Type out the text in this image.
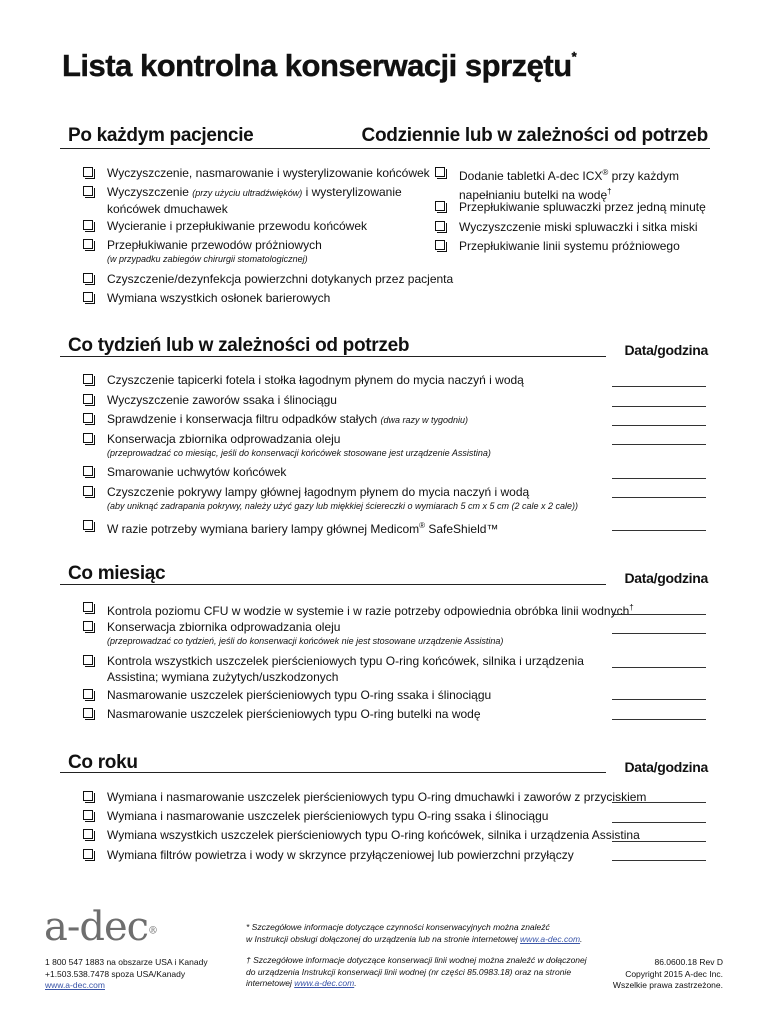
Lista kontrolna konserwacji sprzętu*
Po każdym pacjencie	Codziennie lub w zależności od potrzeb
Wyczyszczenie, nasmarowanie i wysterylizowanie końcówek
Wyczyszczenie (przy użyciu ultradźwięków) i wysterylizowanie
końcówek dmuchawek
Wycieranie i przepłukiwanie przewodu końcówek
Przepłukiwanie przewodów próżniowych
(w przypadku zabiegów chirurgii stomatologicznej)
Czyszczenie/dezynfekcja powierzchni dotykanych przez pacjenta
Wymiana wszystkich osłonek barierowych
Dodanie tabletki A-dec ICX® przy każdym
napełnianiu butelki na wodę†
Przepłukiwanie spluwaczki przez jedną minutę
Wyczyszczenie miski spluwaczki i sitka miski
Przepłukiwanie linii systemu próżniowego
Co tydzień lub w zależności od potrzeb	Data/godzina
Czyszczenie tapicerki fotela i stołka łagodnym płynem do mycia naczyń i wodą
Wyczyszczenie zaworów ssaka i ślinociągu
Sprawdzenie i konserwacja filtru odpadków stałych (dwa razy w tygodniu)
Konserwacja zbiornika odprowadzania oleju
(przeprowadzać co miesiąc, jeśli do konserwacji końcówek stosowane jest urządzenie Assistina)
Smarowanie uchwytów końcówek
Czyszczenie pokrywy lampy głównej łagodnym płynem do mycia naczyń i wodą
(aby uniknąć zadrapania pokrywy, należy użyć gazy lub miękkiej ściereczki o wymiarach 5 cm x 5 cm (2 cale x 2 cale))
W razie potrzeby wymiana bariery lampy głównej Medicom® SafeShield™
Co miesiąc	Data/godzina
Kontrola poziomu CFU w wodzie w systemie i w razie potrzeby odpowiednia obróbka linii wodnych†
Konserwacja zbiornika odprowadzania oleju
(przeprowadzać co tydzień, jeśli do konserwacji końcówek nie jest stosowane urządzenie Assistina)
Kontrola wszystkich uszczelek pierścieniowych typu O-ring końcówek, silnika i urządzenia
Assistina; wymiana zużytych/uszkodzonych
Nasmarowanie uszczelek pierścieniowych typu O-ring ssaka i ślinociągu
Nasmarowanie uszczelek pierścieniowych typu O-ring butelki na wodę
Co roku	Data/godzina
Wymiana i nasmarowanie uszczelek pierścieniowych typu O-ring dmuchawki i zaworów z przyciskiem
Wymiana i nasmarowanie uszczelek pierścieniowych typu O-ring ssaka i ślinociągu
Wymiana wszystkich uszczelek pierścieniowych typu O-ring końcówek, silnika i urządzenia Assistina
Wymiana filtrów powietrza i wody w skrzynce przyłączeniowej lub powierzchni przyłączy
a-dec®
1 800 547 1883 na obszarze USA i Kanady
+1.503.538.7478 spoza USA/Kanady
www.a-dec.com
* Szczegółowe informacje dotyczące czynności konserwacyjnych można znaleźć
w Instrukcji obsługi dołączonej do urządzenia lub na stronie internetowej www.a-dec.com.
† Szczegółowe informacje dotyczące konserwacji linii wodnej można znaleźć w dołączonej
do urządzenia Instrukcji konserwacji linii wodnej (nr części 85.0983.18) oraz na stronie
internetowej www.a-dec.com.
86.0600.18 Rev D
Copyright 2015 A-dec Inc.
Wszelkie prawa zastrzeżone.
